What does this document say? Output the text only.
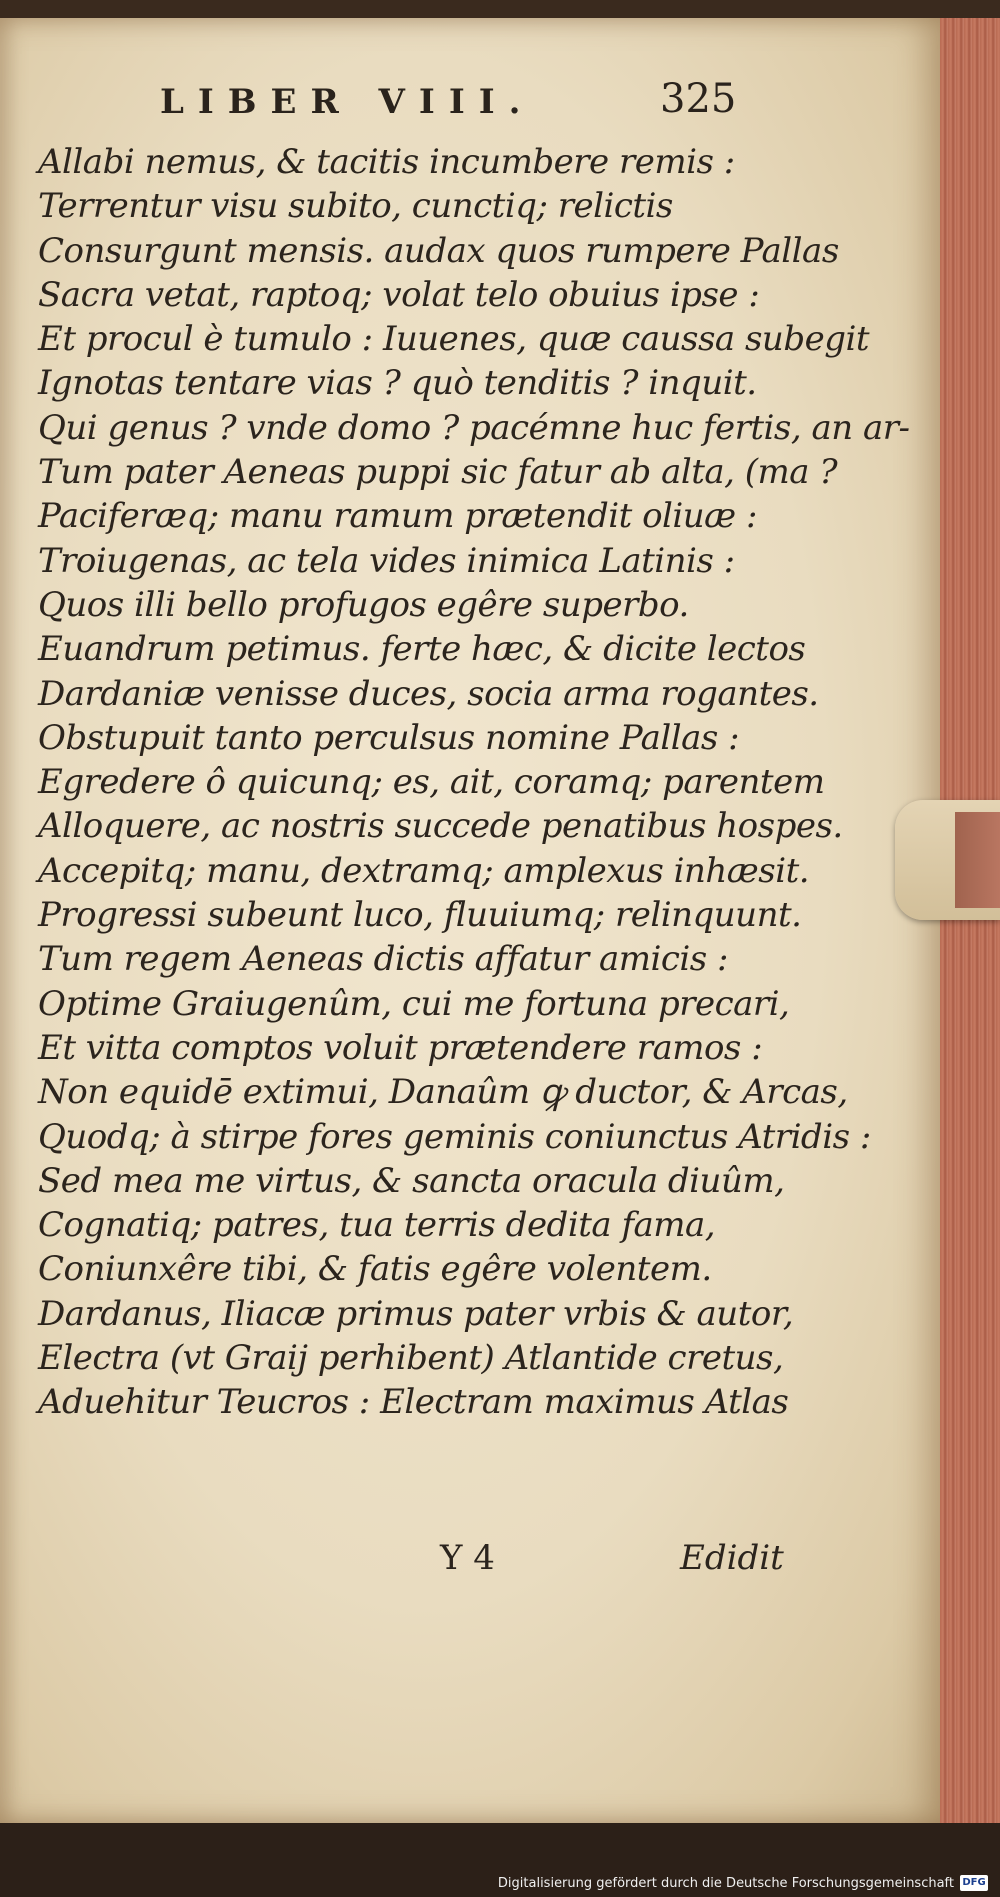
LIBER VIII.	325
Allabi nemus, & tacitis incumbere remis :
Terrentur visu subito, cunctiq; relictis
Consurgunt mensis. audax quos rumpere Pallas
Sacra vetat, raptoq; volat telo obuius ipse :
Et procul è tumulo : Iuuenes, quæ caussa subegit
Ignotas tentare vias ? quò tenditis ? inquit.
Qui genus ? vnde domo ? pacémne huc fertis, an ar-
Tum pater Aeneas puppi sic fatur ab alta, (ma ?
Paciferæq; manu ramum prætendit oliuæ :
Troiugenas, ac tela vides inimica Latinis :
Quos illi bello profugos egêre superbo.
Euandrum petimus. ferte hæc, & dicite lectos
Dardaniæ venisse duces, socia arma rogantes.
Obstupuit tanto perculsus nomine Pallas :
Egredere ô quicunq; es, ait, coramq; parentem
Alloquere, ac nostris succede penatibus hospes.
Accepitq; manu, dextramq; amplexus inhæsit.
Progressi subeunt luco, fluuiumq; relinquunt.
Tum regem Aeneas dictis affatur amicis :
Optime Graiugenûm, cui me fortuna precari,
Et vitta comptos voluit prætendere ramos :
Non equidē extimui, Danaûm ꝙ ductor, & Arcas,
Quodq; à stirpe fores geminis coniunctus Atridis :
Sed mea me virtus, & sancta oracula diuûm,
Cognatiq; patres, tua terris dedita fama,
Coniunxêre tibi, & fatis egêre volentem.
Dardanus, Iliacæ primus pater vrbis & autor,
Electra (vt Graij perhibent) Atlantide cretus,
Aduehitur Teucros : Electram maximus Atlas
Y 4	Edidit
Digitalisierung gefördert durch die Deutsche Forschungsgemeinschaft DFG
